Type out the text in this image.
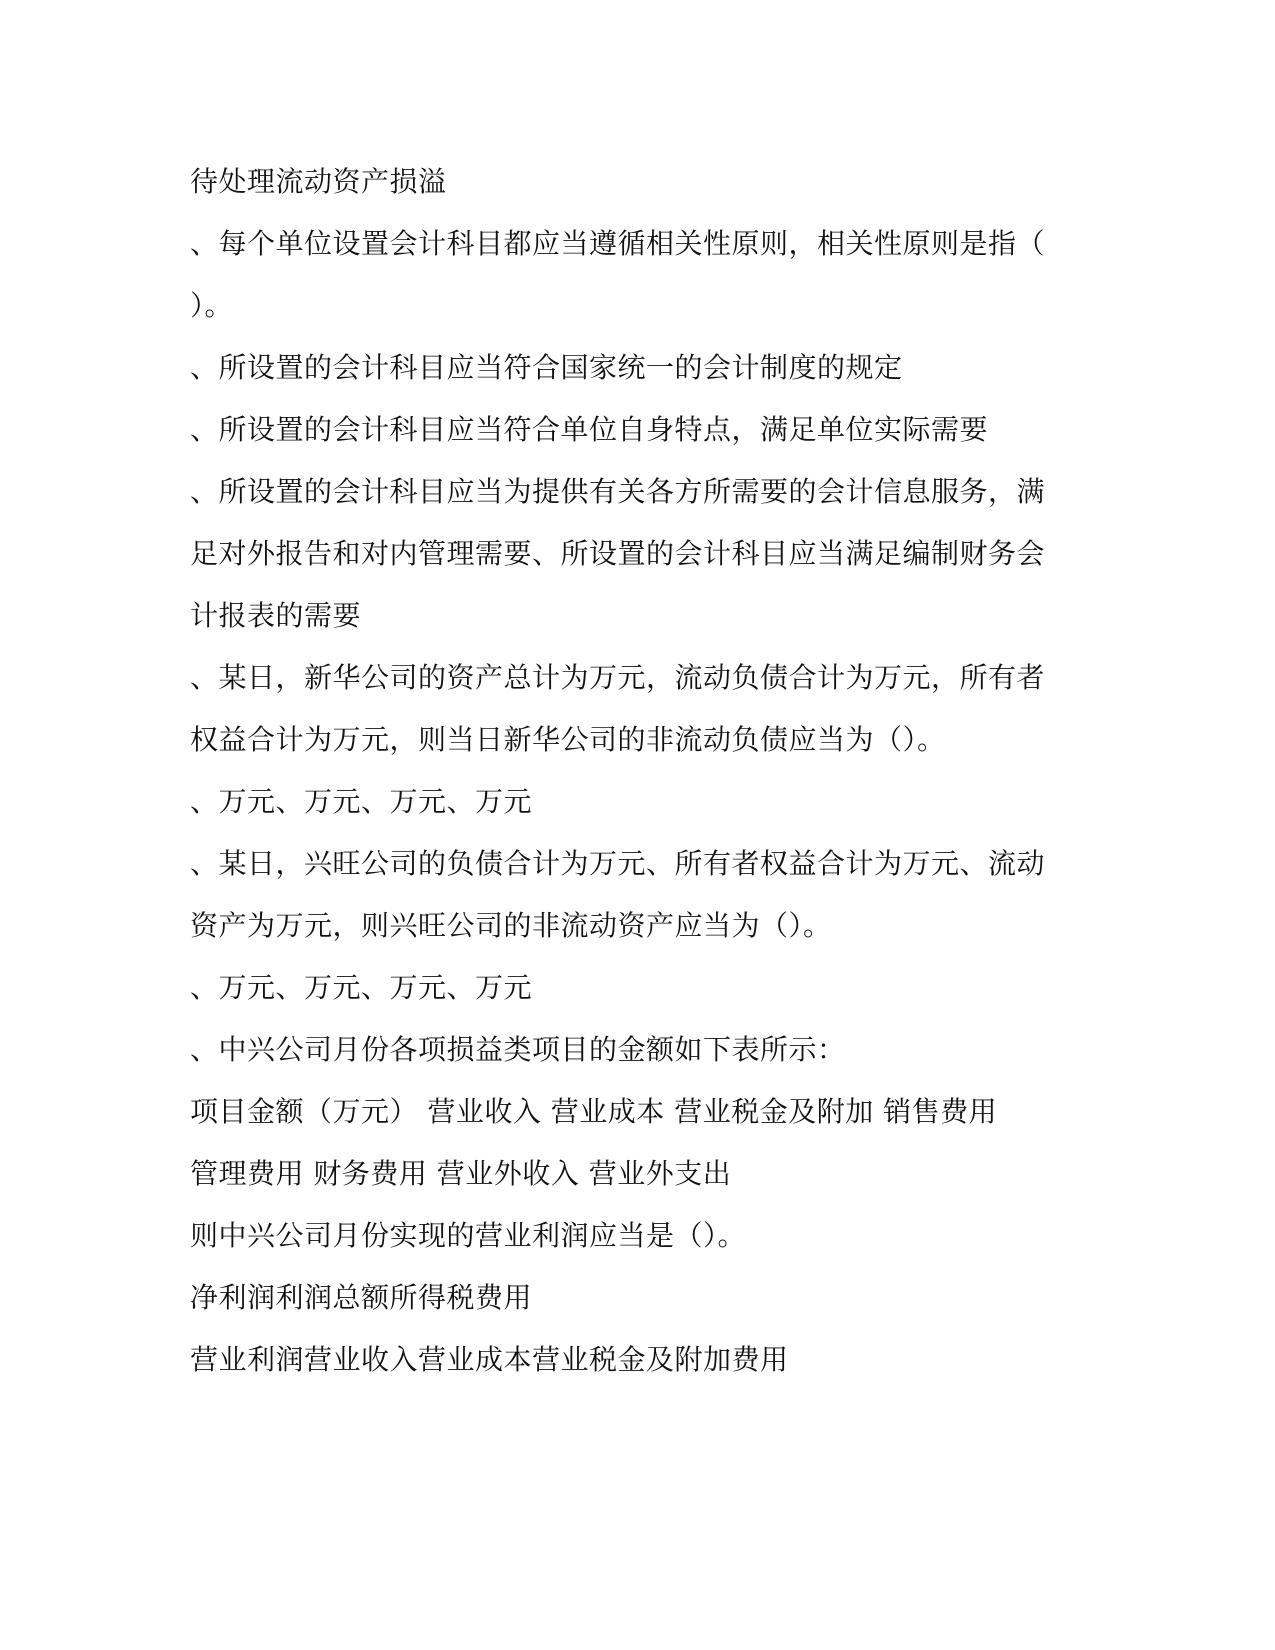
待处理流动资产损溢
、每个单位设置会计科目都应当遵循相关性原则，相关性原则是指（
）。
、所设置的会计科目应当符合国家统一的会计制度的规定
、所设置的会计科目应当符合单位自身特点，满足单位实际需要
、所设置的会计科目应当为提供有关各方所需要的会计信息服务，满
足对外报告和对内管理需要、所设置的会计科目应当满足编制财务会
计报表的需要
、某日，新华公司的资产总计为万元，流动负债合计为万元，所有者
权益合计为万元，则当日新华公司的非流动负债应当为（）。
、万元、万元、万元、万元
、某日，兴旺公司的负债合计为万元、所有者权益合计为万元、流动
资产为万元，则兴旺公司的非流动资产应当为（）。
、万元、万元、万元、万元
、中兴公司月份各项损益类项目的金额如下表所示：
项目金额（万元） 营业收入 营业成本 营业税金及附加 销售费用
管理费用 财务费用 营业外收入 营业外支出
则中兴公司月份实现的营业利润应当是（）。
净利润利润总额所得税费用
营业利润营业收入营业成本营业税金及附加费用
